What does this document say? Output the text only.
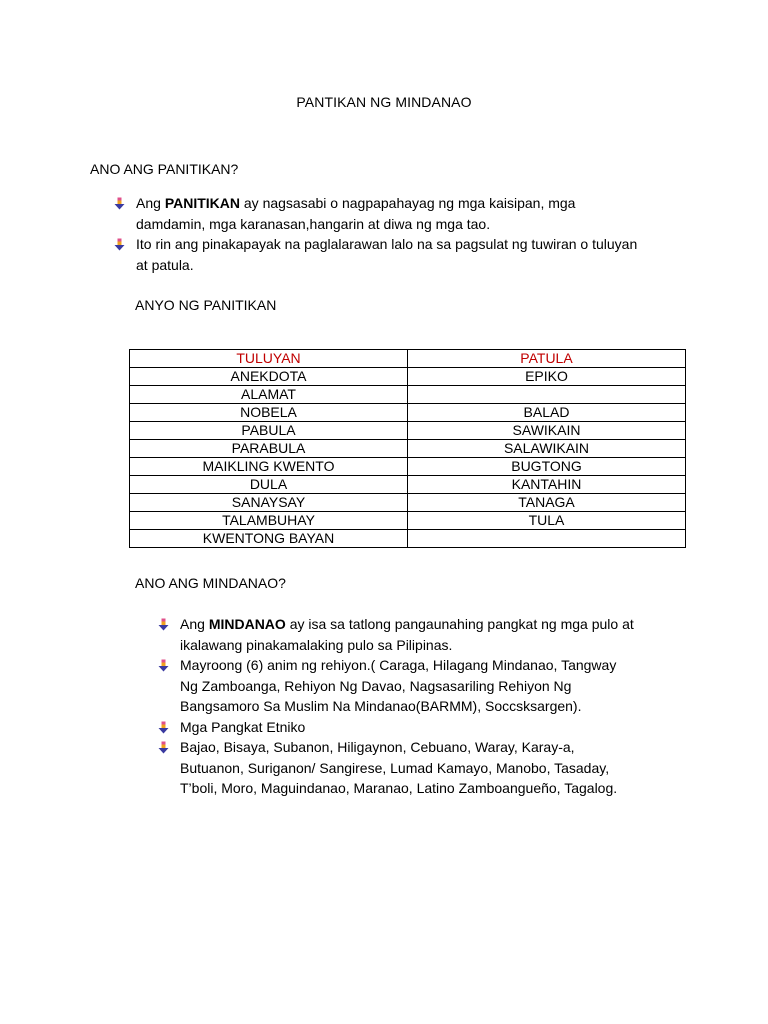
PANTIKAN NG MINDANAO
ANO ANG PANITIKAN?
Ang PANITIKAN ay nagsasabi o nagpapahayag ng mga kaisipan, mga
damdamin, mga karanasan,hangarin at diwa ng mga tao.
Ito rin ang pinakapayak na paglalarawan lalo na sa pagsulat ng tuwiran o tuluyan
at patula.
ANYO NG PANITIKAN
TULUYAN	PATULA
ANEKDOTA	EPIKO
ALAMAT	
NOBELA	BALAD
PABULA	SAWIKAIN
PARABULA	SALAWIKAIN
MAIKLING KWENTO	BUGTONG
DULA	KANTAHIN
SANAYSAY	TANAGA
TALAMBUHAY	TULA
KWENTONG BAYAN	
ANO ANG MINDANAO?
Ang MINDANAO ay isa sa tatlong pangaunahing pangkat ng mga pulo at
ikalawang pinakamalaking pulo sa Pilipinas.
Mayroong (6) anim ng rehiyon.( Caraga, Hilagang Mindanao, Tangway
Ng Zamboanga, Rehiyon Ng Davao, Nagsasariling Rehiyon Ng
Bangsamoro Sa Muslim Na Mindanao(BARMM), Soccsksargen).
Mga Pangkat Etniko
Bajao, Bisaya, Subanon, Hiligaynon, Cebuano, Waray, Karay-a,
Butuanon, Suriganon/ Sangirese, Lumad Kamayo, Manobo, Tasaday,
T’boli, Moro, Maguindanao, Maranao, Latino Zamboangueño, Tagalog.
